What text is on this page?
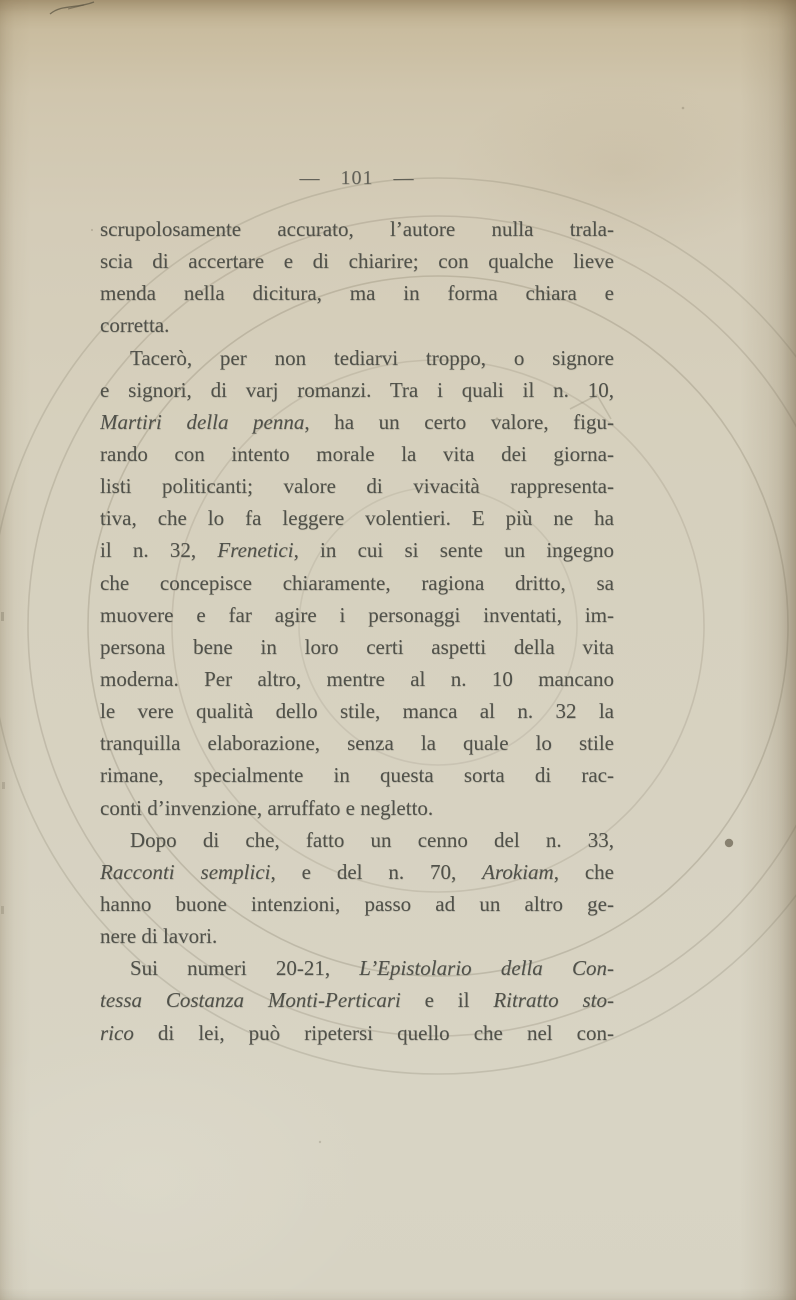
— 101 —
scrupolosamente accurato, l’autore nulla trala-
scia di accertare e di chiarire; con qualche lieve
menda nella dicitura, ma in forma chiara e
corretta.
Tacerò, per non tediarvi troppo, o signore
e signori, di varj romanzi. Tra i quali il n. 10,
Martiri della penna, ha un certo valore, figu-
rando con intento morale la vita dei giorna-
listi politicanti; valore di vivacità rappresenta-
tiva, che lo fa leggere volentieri. E più ne ha
il n. 32, Frenetici, in cui si sente un ingegno
che concepisce chiaramente, ragiona dritto, sa
muovere e far agire i personaggi inventati, im-
persona bene in loro certi aspetti della vita
moderna. Per altro, mentre al n. 10 mancano
le vere qualità dello stile, manca al n. 32 la
tranquilla elaborazione, senza la quale lo stile
rimane, specialmente in questa sorta di rac-
conti d’invenzione, arruffato e negletto.
Dopo di che, fatto un cenno del n. 33,
Racconti semplici, e del n. 70, Arokiam, che
hanno buone intenzioni, passo ad un altro ge-
nere di lavori.
Sui numeri 20-21, L’Epistolario della Con-
tessa Costanza Monti-Perticari e il Ritratto sto-
rico di lei, può ripetersi quello che nel con-
